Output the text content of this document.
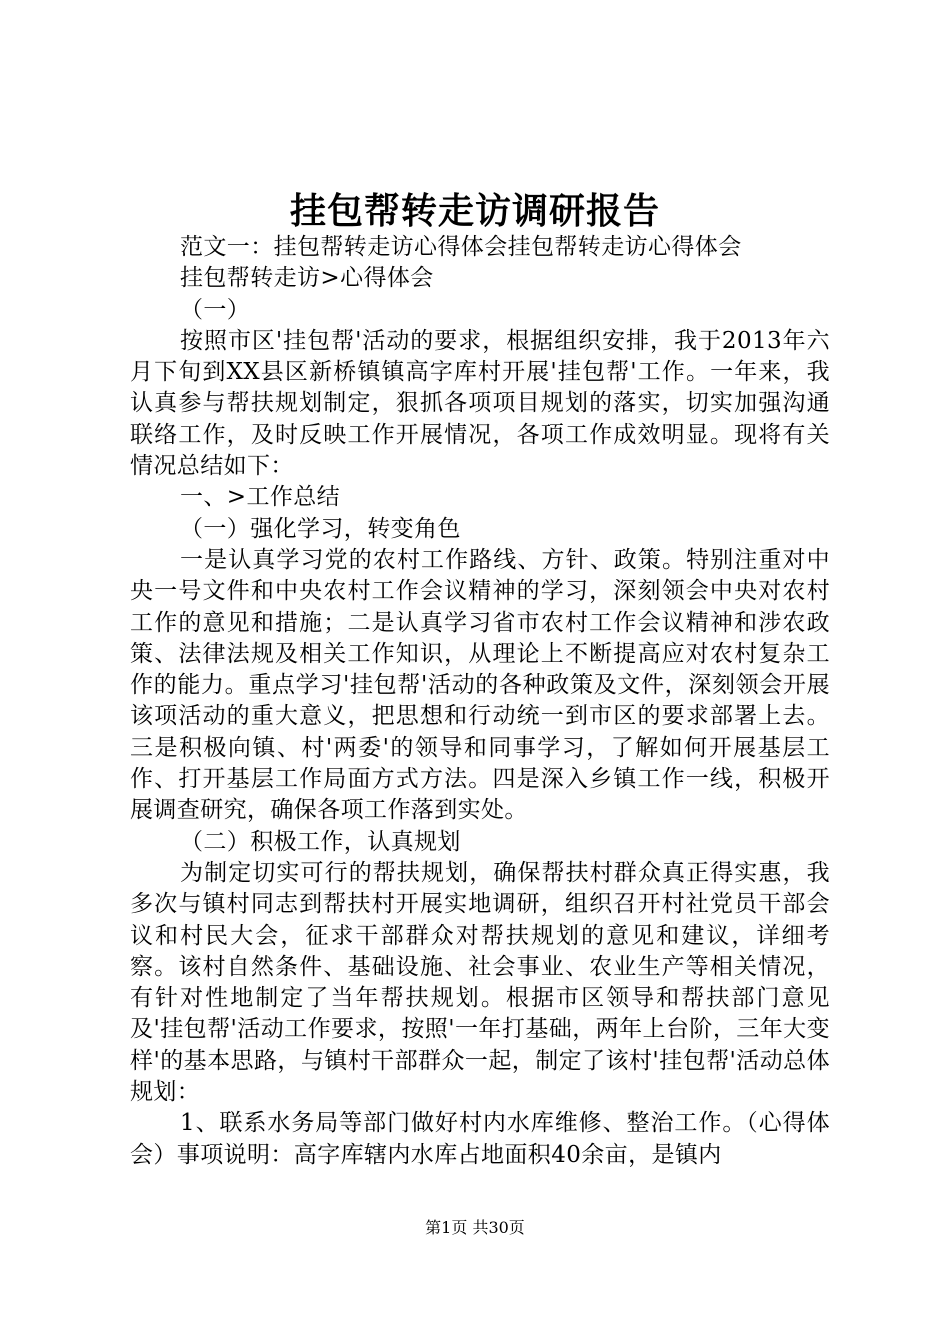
挂包帮转走访调研报告

范文一：挂包帮转走访心得体会挂包帮转走访心得体会

挂包帮转走访>心得体会

（一）

按照市区'挂包帮'活动的要求，根据组织安排，我于2013年六月下旬到XX县区新桥镇镇高字库村开展'挂包帮'工作。一年来，我认真参与帮扶规划制定，狠抓各项项目规划的落实，切实加强沟通联络工作，及时反映工作开展情况，各项工作成效明显。现将有关情况总结如下：

一、>工作总结

（一）强化学习，转变角色

一是认真学习党的农村工作路线、方针、政策。特别注重对中央一号文件和中央农村工作会议精神的学习，深刻领会中央对农村工作的意见和措施；二是认真学习省市农村工作会议精神和涉农政策、法律法规及相关工作知识，从理论上不断提高应对农村复杂工作的能力。重点学习'挂包帮'活动的各种政策及文件，深刻领会开展该项活动的重大意义，把思想和行动统一到市区的要求部署上去。三是积极向镇、村'两委'的领导和同事学习，了解如何开展基层工作、打开基层工作局面方式方法。四是深入乡镇工作一线，积极开展调查研究，确保各项工作落到实处。

（二）积极工作，认真规划

为制定切实可行的帮扶规划，确保帮扶村群众真正得实惠，我多次与镇村同志到帮扶村开展实地调研，组织召开村社党员干部会议和村民大会，征求干部群众对帮扶规划的意见和建议，详细考察。该村自然条件、基础设施、社会事业、农业生产等相关情况，有针对性地制定了当年帮扶规划。根据市区领导和帮扶部门意见及'挂包帮'活动工作要求，按照'一年打基础，两年上台阶，三年大变样'的基本思路，与镇村干部群众一起，制定了该村'挂包帮'活动总体规划：

1、联系水务局等部门做好村内水库维修、整治工作。（心得体会）事项说明：高字库辖内水库占地面积40余亩，是镇内

第1页 共30页
